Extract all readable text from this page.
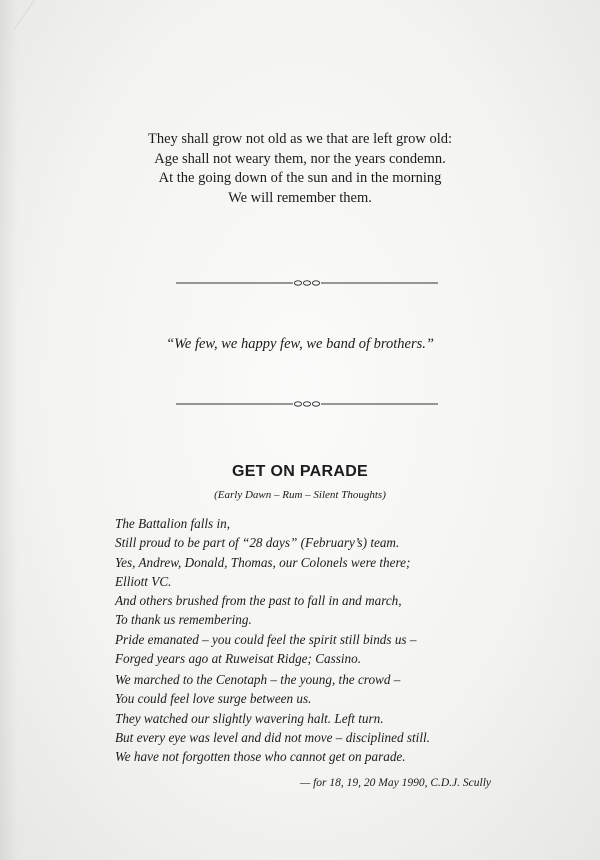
They shall grow not old as we that are left grow old:
Age shall not weary them, nor the years condemn.
At the going down of the sun and in the morning
We will remember them.
“We few, we happy few, we band of brothers.”
GET ON PARADE
(Early Dawn – Rum – Silent Thoughts)
The Battalion falls in,
Still proud to be part of “28 days” (February’s) team.
Yes, Andrew, Donald, Thomas, our Colonels were there;
Elliott VC.
And others brushed from the past to fall in and march,
To thank us remembering.
Pride emanated – you could feel the spirit still binds us –
Forged years ago at Ruweisat Ridge; Cassino.
We marched to the Cenotaph – the young, the crowd –
You could feel love surge between us.
They watched our slightly wavering halt. Left turn.
But every eye was level and did not move – disciplined still.
We have not forgotten those who cannot get on parade.
— for 18, 19, 20 May 1990, C.D.J. Scully
